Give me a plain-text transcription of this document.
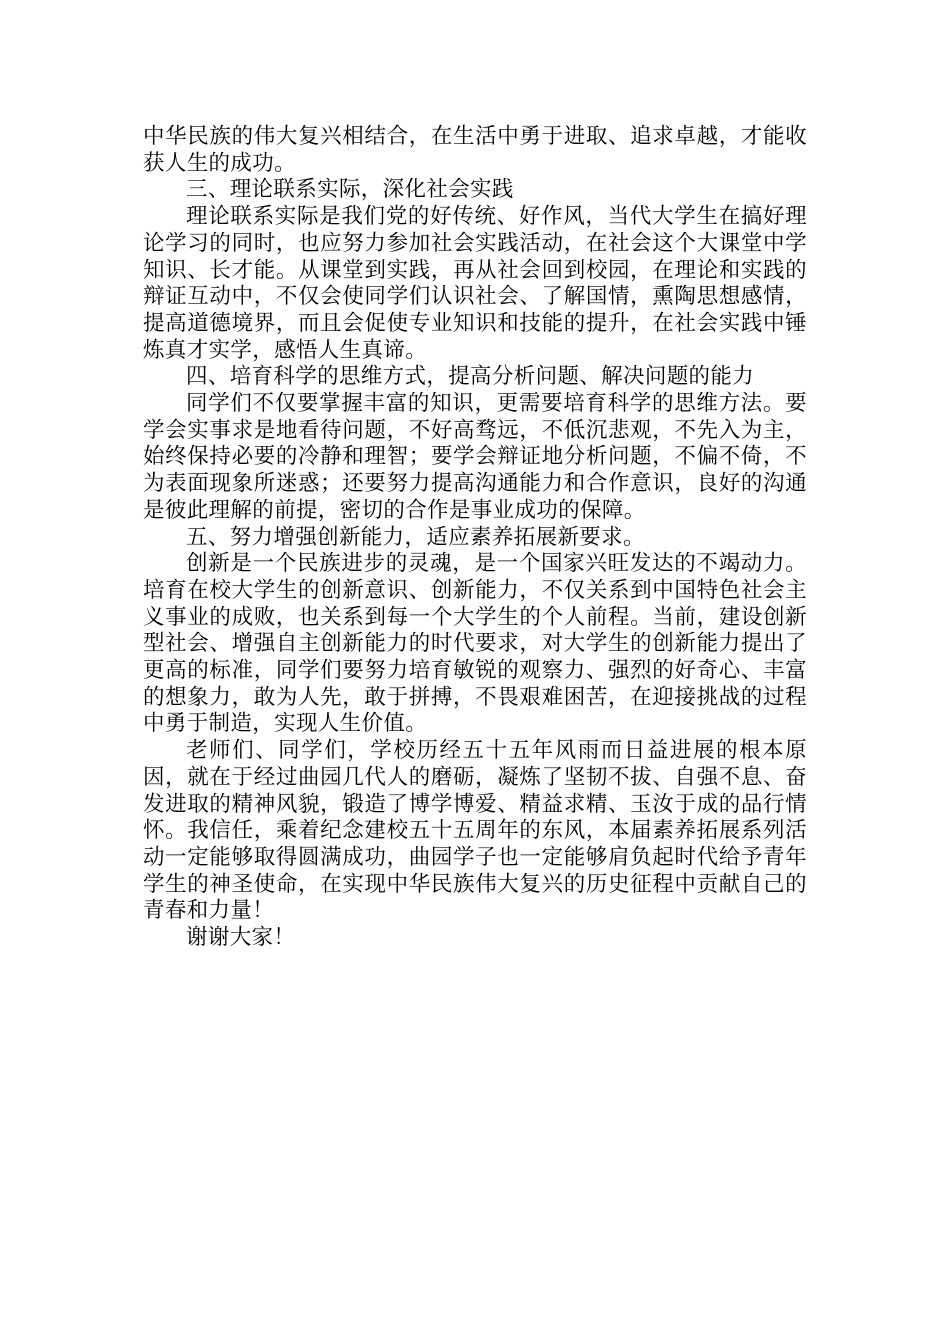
中华民族的伟大复兴相结合，在生活中勇于进取、追求卓越，才能收获人生的成功。

三、理论联系实际，深化社会实践

理论联系实际是我们党的好传统、好作风，当代大学生在搞好理论学习的同时，也应努力参加社会实践活动，在社会这个大课堂中学知识、长才能。从课堂到实践，再从社会回到校园，在理论和实践的辩证互动中，不仅会使同学们认识社会、了解国情，熏陶思想感情，提高道德境界，而且会促使专业知识和技能的提升，在社会实践中锤炼真才实学，感悟人生真谛。

四、培育科学的思维方式，提高分析问题、解决问题的能力

同学们不仅要掌握丰富的知识，更需要培育科学的思维方法。要学会实事求是地看待问题，不好高骛远，不低沉悲观，不先入为主，始终保持必要的冷静和理智；要学会辩证地分析问题，不偏不倚，不为表面现象所迷惑；还要努力提高沟通能力和合作意识，良好的沟通是彼此理解的前提，密切的合作是事业成功的保障。

五、努力增强创新能力，适应素养拓展新要求。

创新是一个民族进步的灵魂，是一个国家兴旺发达的不竭动力。培育在校大学生的创新意识、创新能力，不仅关系到中国特色社会主义事业的成败，也关系到每一个大学生的个人前程。当前，建设创新型社会、增强自主创新能力的时代要求，对大学生的创新能力提出了更高的标准，同学们要努力培育敏锐的观察力、强烈的好奇心、丰富的想象力，敢为人先，敢于拼搏，不畏艰难困苦，在迎接挑战的过程中勇于制造，实现人生价值。

老师们、同学们，学校历经五十五年风雨而日益进展的根本原因，就在于经过曲园几代人的磨砺，凝炼了坚韧不拔、自强不息、奋发进取的精神风貌，锻造了博学博爱、精益求精、玉汝于成的品行情怀。我信任，乘着纪念建校五十五周年的东风，本届素养拓展系列活动一定能够取得圆满成功，曲园学子也一定能够肩负起时代给予青年学生的神圣使命，在实现中华民族伟大复兴的历史征程中贡献自己的青春和力量！

谢谢大家！
